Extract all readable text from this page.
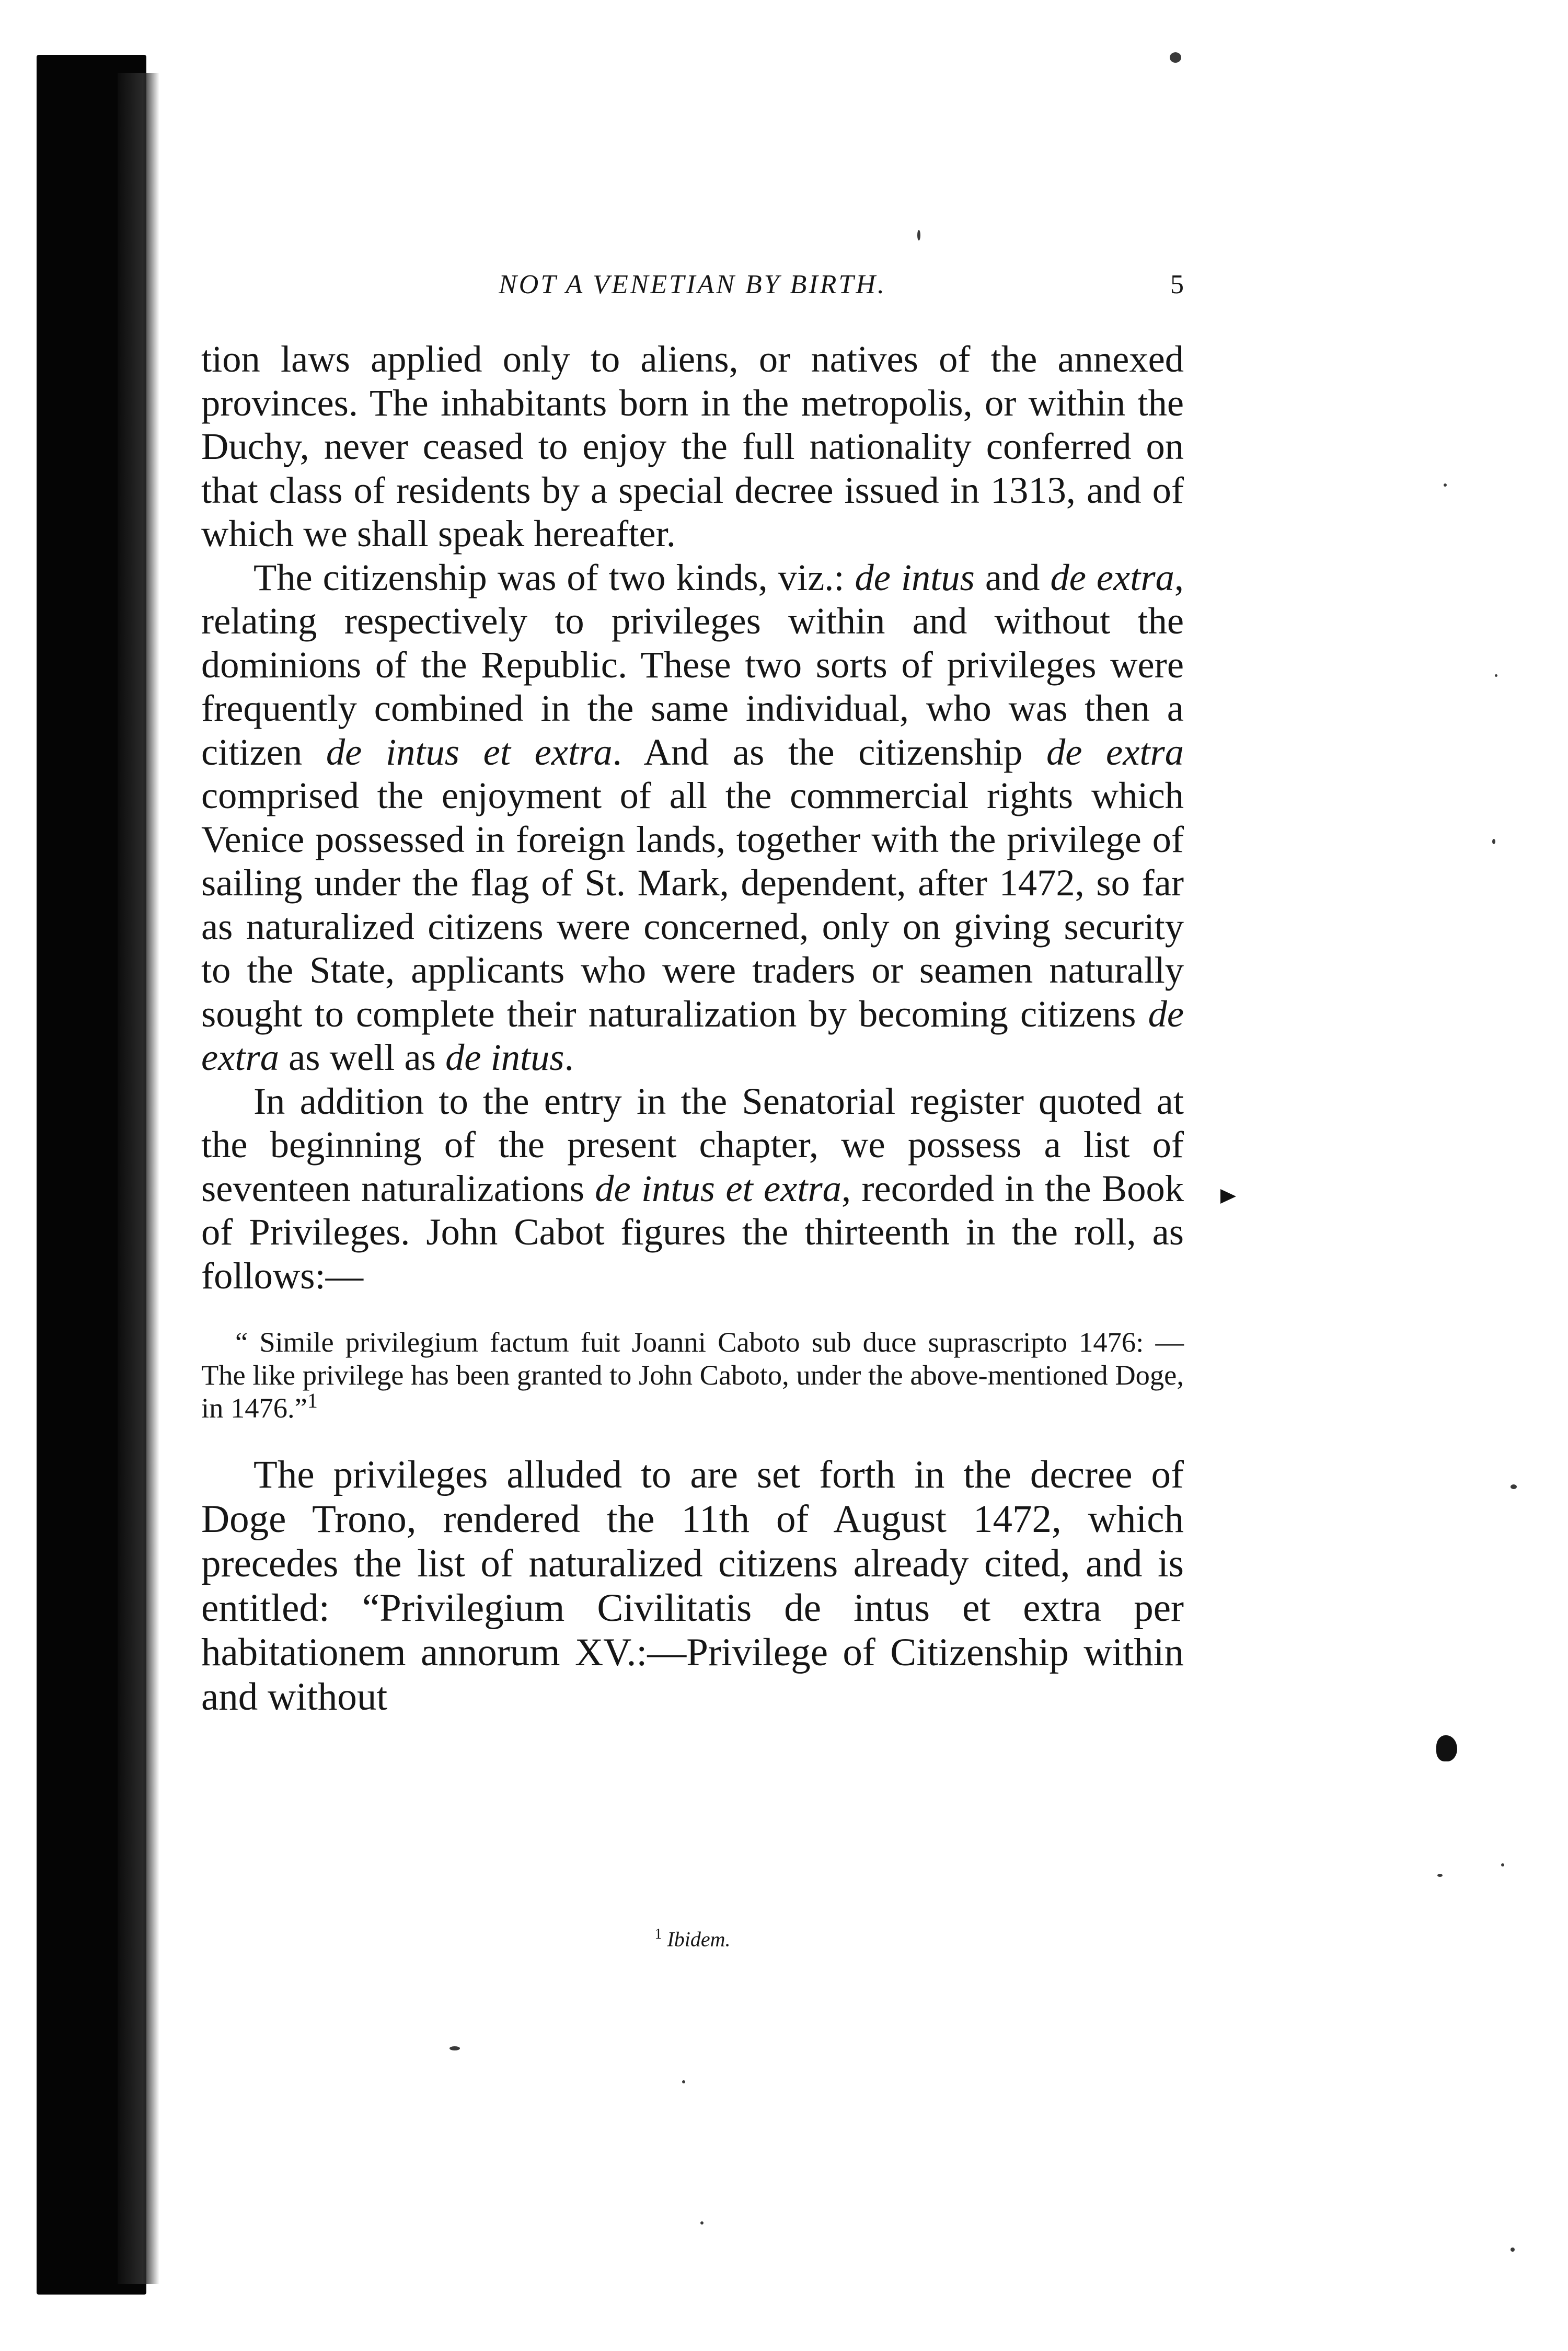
NOT A VENETIAN BY BIRTH.	5

tion laws applied only to aliens, or natives of the annexed provinces. The inhabitants born in the metropolis, or within the Duchy, never ceased to enjoy the full nationality conferred on that class of residents by a special decree issued in 1313, and of which we shall speak hereafter.

The citizenship was of two kinds, viz.: de intus and de extra, relating respectively to privileges within and without the dominions of the Republic. These two sorts of privileges were frequently combined in the same individual, who was then a citizen de intus et extra. And as the citizenship de extra comprised the enjoyment of all the commercial rights which Venice possessed in foreign lands, together with the privilege of sailing under the flag of St. Mark, dependent, after 1472, so far as naturalized citizens were concerned, only on giving security to the State, applicants who were traders or seamen naturally sought to complete their naturalization by becoming citizens de extra as well as de intus.

In addition to the entry in the Senatorial register quoted at the beginning of the present chapter, we possess a list of seventeen naturalizations de intus et extra, recorded in the Book of Privileges. John Cabot figures the thirteenth in the roll, as follows:—

“ Simile privilegium factum fuit Joanni Caboto sub duce suprascripto 1476: — The like privilege has been granted to John Caboto, under the above-mentioned Doge, in 1476.”$^1$

The privileges alluded to are set forth in the decree of Doge Trono, rendered the 11th of August 1472, which precedes the list of naturalized citizens already cited, and is entitled: “Privilegium Civilitatis de intus et extra per habitationem annorum XV.:—Privilege of Citizenship within and without

$^1$ Ibidem.
